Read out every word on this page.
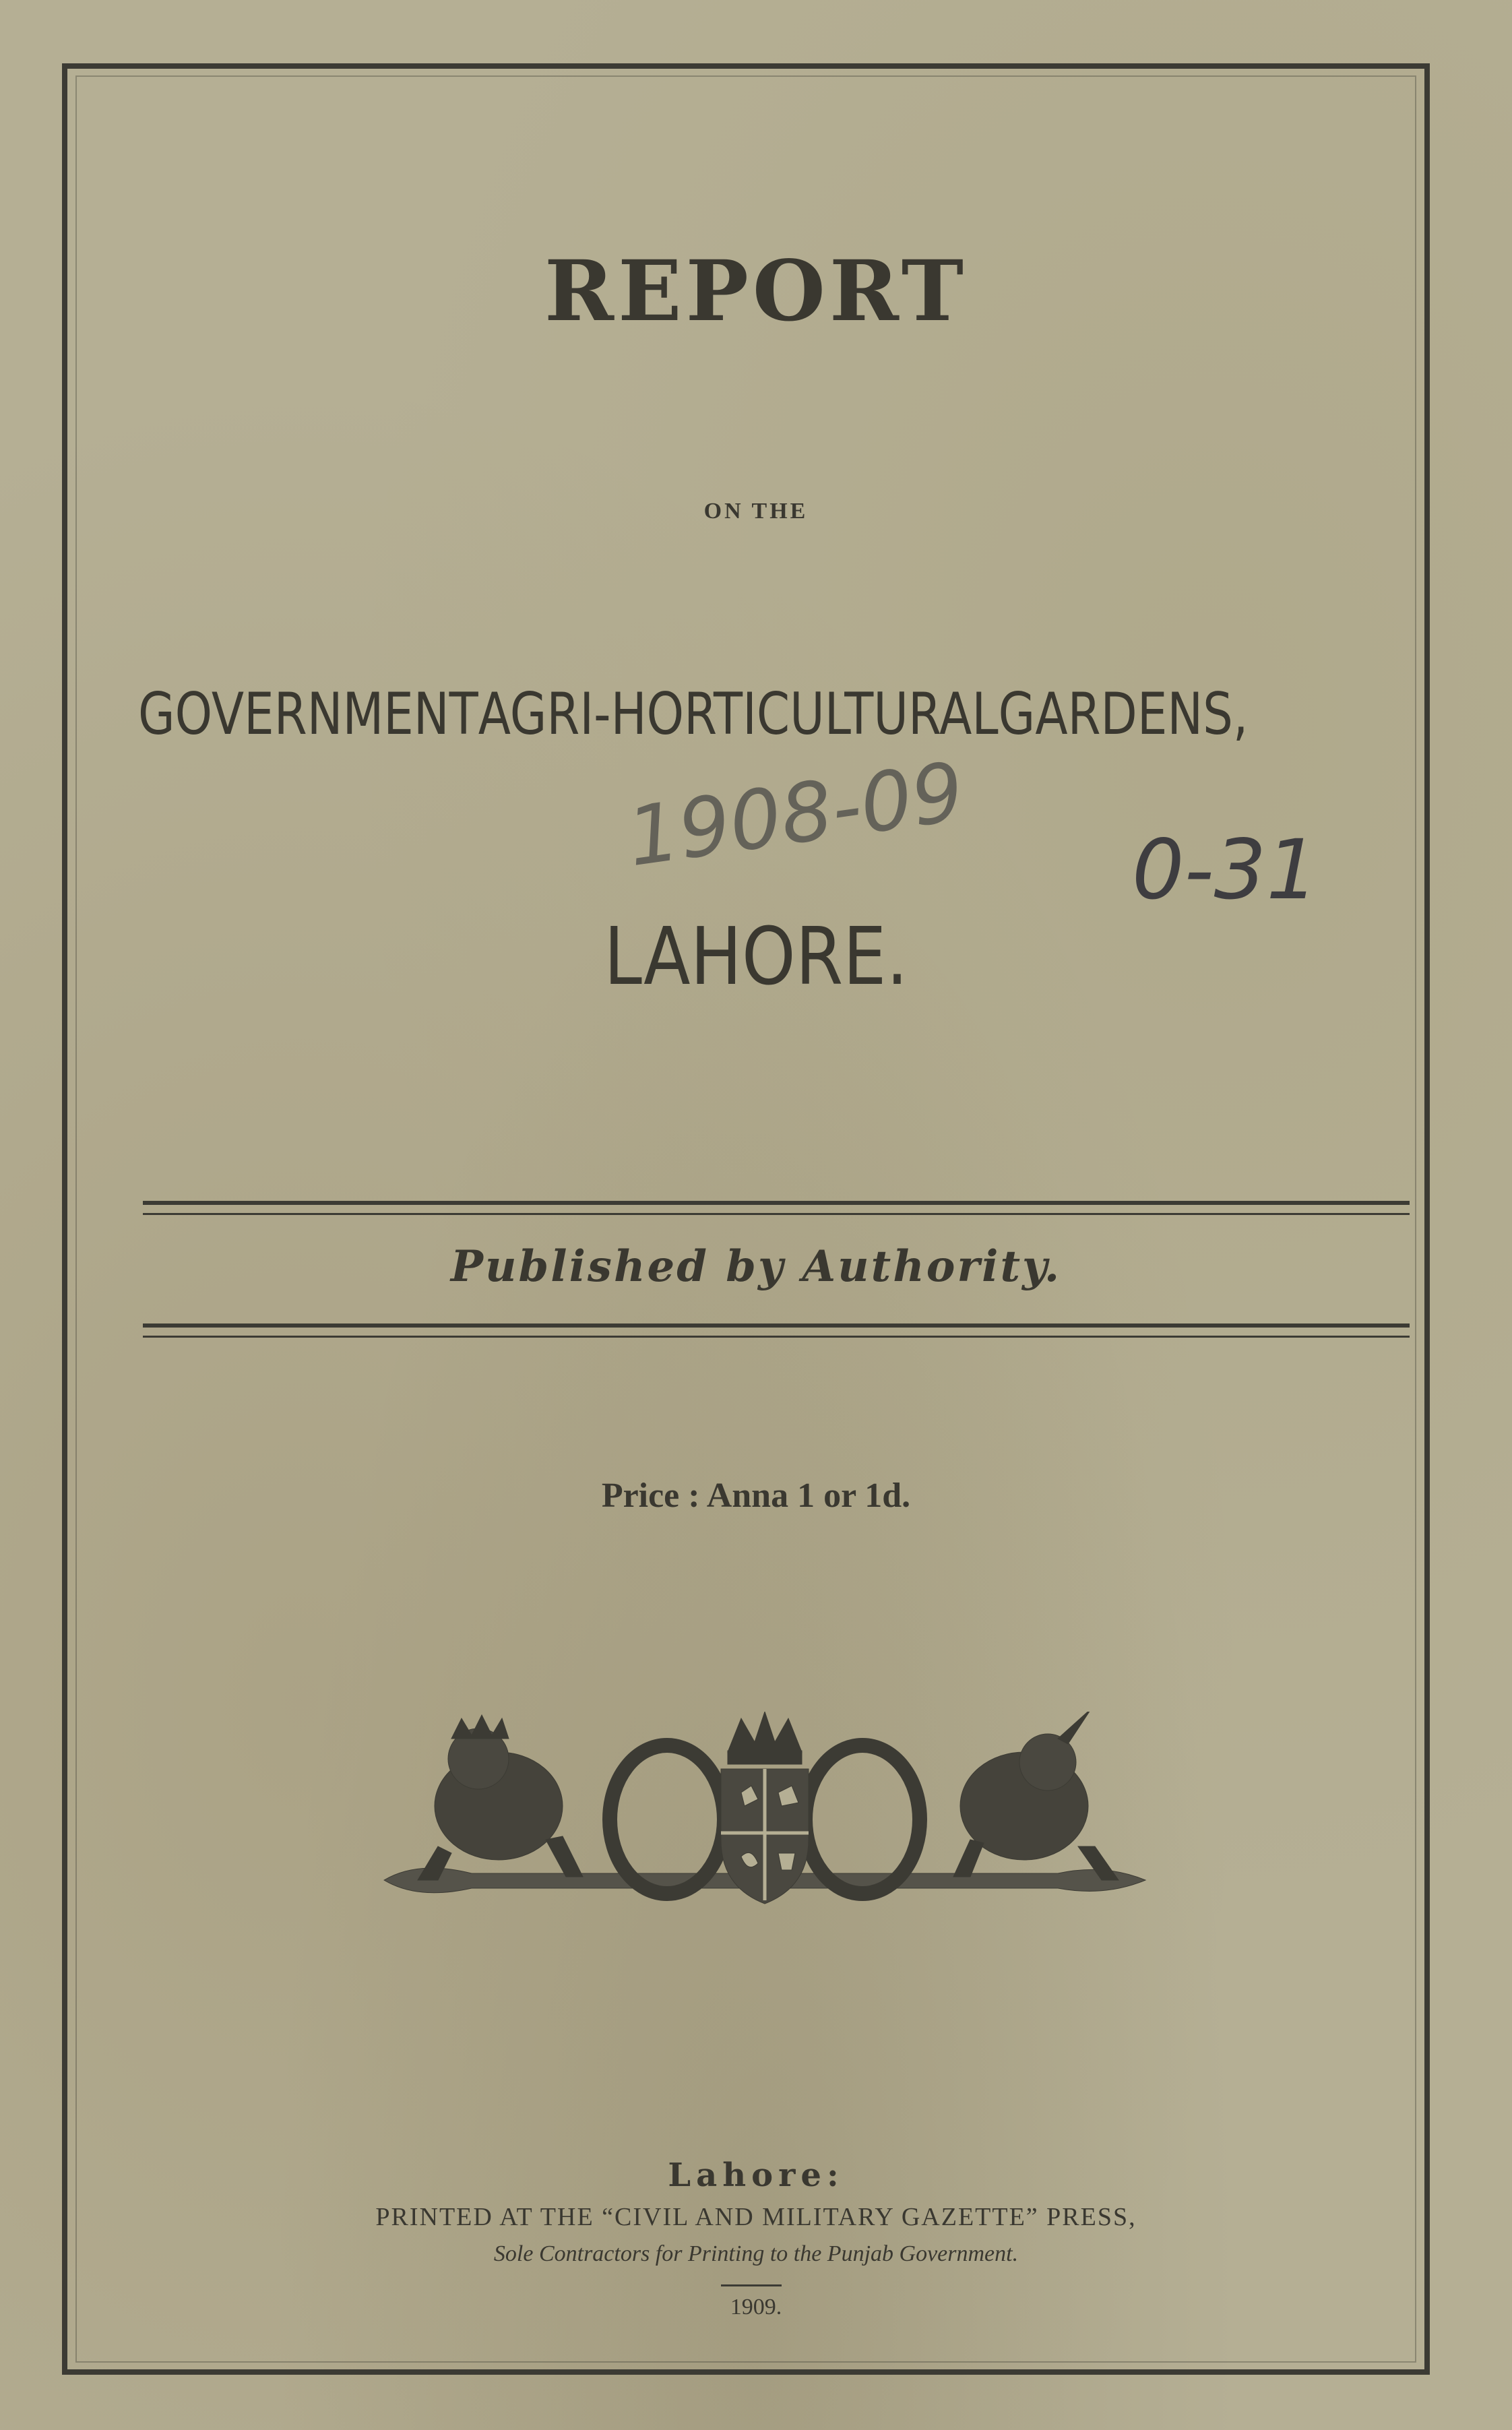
REPORT
ON THE
GOVERNMENT AGRI-HORTICULTURAL GARDENS,
1908-09 0-31
LAHORE.
Published by Authority.
Price : Anna 1 or 1d.
Lahore:
PRINTED AT THE “CIVIL AND MILITARY GAZETTE” PRESS,
Sole Contractors for Printing to the Punjab Government.
1909.
